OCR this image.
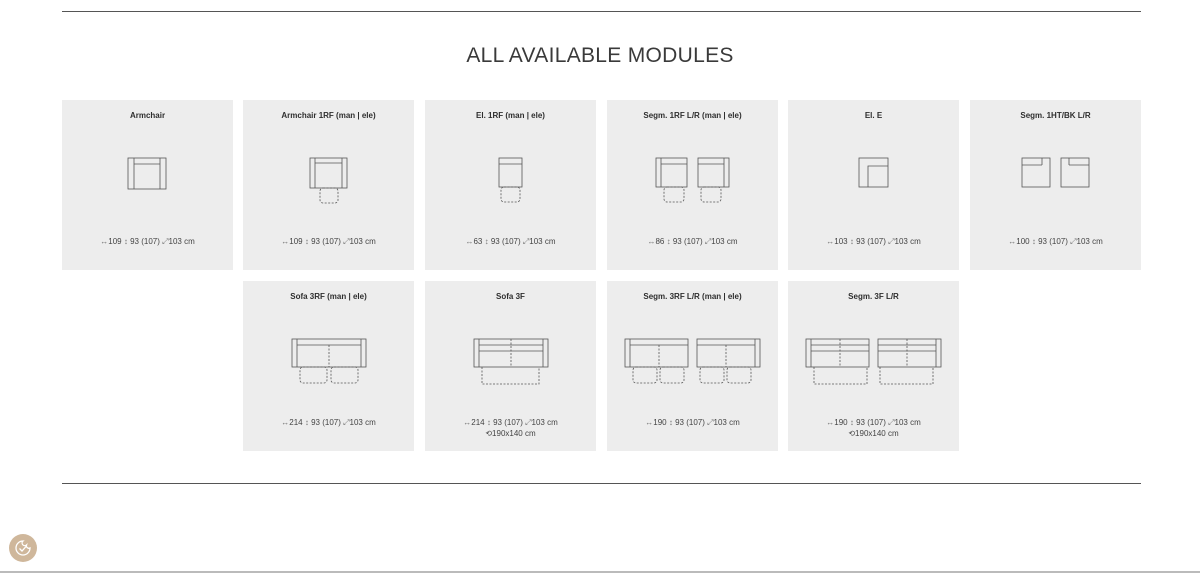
ALL AVAILABLE MODULES
Armchair
↔109 ↕ 93 (107) ⤢103 cm
Armchair 1RF (man | ele)
↔109 ↕ 93 (107) ⤢103 cm
El. 1RF (man | ele)
↔63 ↕ 93 (107) ⤢103 cm
Segm. 1RF L/R (man | ele)
↔86 ↕ 93 (107) ⤢103 cm
El. E
↔103 ↕ 93 (107) ⤢103 cm
Segm. 1HT/BK L/R
↔100 ↕ 93 (107) ⤢103 cm
Sofa 3RF (man | ele)
↔214 ↕ 93 (107) ⤢103 cm
Sofa 3F
↔214 ↕ 93 (107) ⤢103 cm
⟲190x140 cm
Segm. 3RF L/R (man | ele)
↔190 ↕ 93 (107) ⤢103 cm
Segm. 3F L/R
↔190 ↕ 93 (107) ⤢103 cm
⟲190x140 cm
